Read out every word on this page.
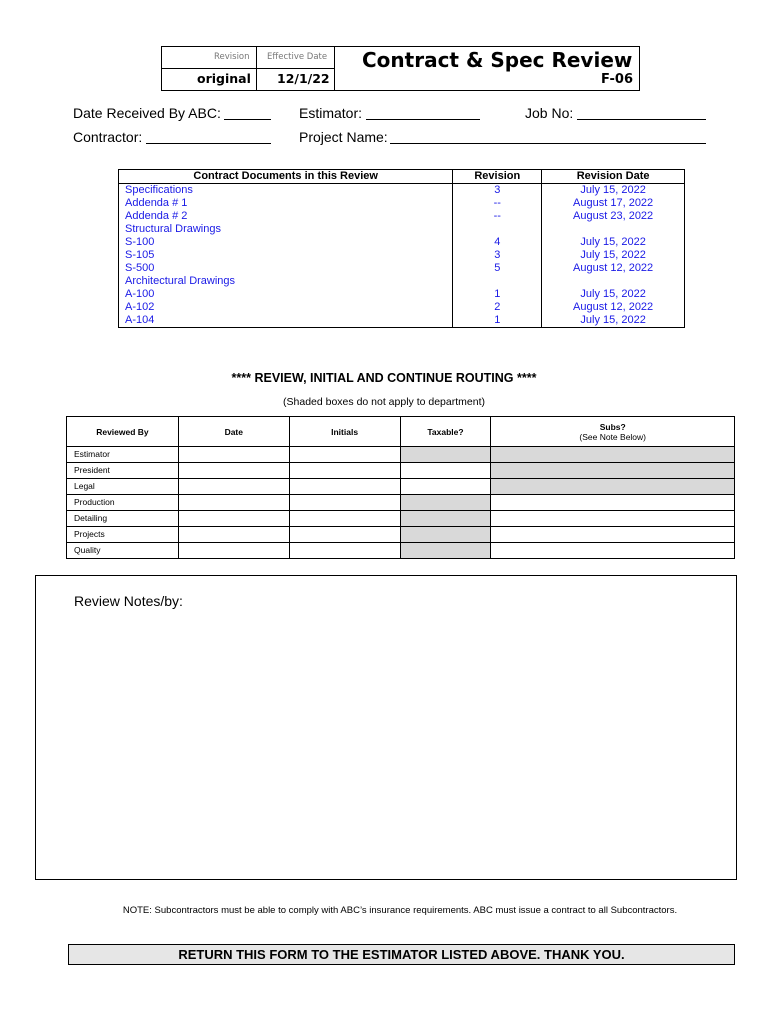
Revision
original
Effective Date
12/1/22
Contract & Spec Review
F-06
Date Received By ABC:	Estimator:	Job No:
Contractor:	Project Name:
Contract Documents in this Review	Revision	Revision Date
Specifications	3	July 15, 2022
Addenda # 1	--	August 17, 2022
Addenda # 2	--	August 23, 2022
Structural Drawings		
S-100	4	July 15, 2022
S-105	3	July 15, 2022
S-500	5	August 12, 2022
Architectural Drawings		
A-100	1	July 15, 2022
A-102	2	August 12, 2022
A-104	1	July 15, 2022
**** REVIEW, INITIAL AND CONTINUE ROUTING ****
(Shaded boxes do not apply to department)
Reviewed By	Date	Initials	Taxable?	Subs?
(See Note Below)

Estimator				
President				
Legal				
Production				
Detailing				
Projects				
Quality				
Review Notes/by:
NOTE: Subcontractors must be able to comply with ABC’s insurance requirements. ABC must issue a contract to all Subcontractors.
RETURN THIS FORM TO THE ESTIMATOR LISTED ABOVE. THANK YOU.
